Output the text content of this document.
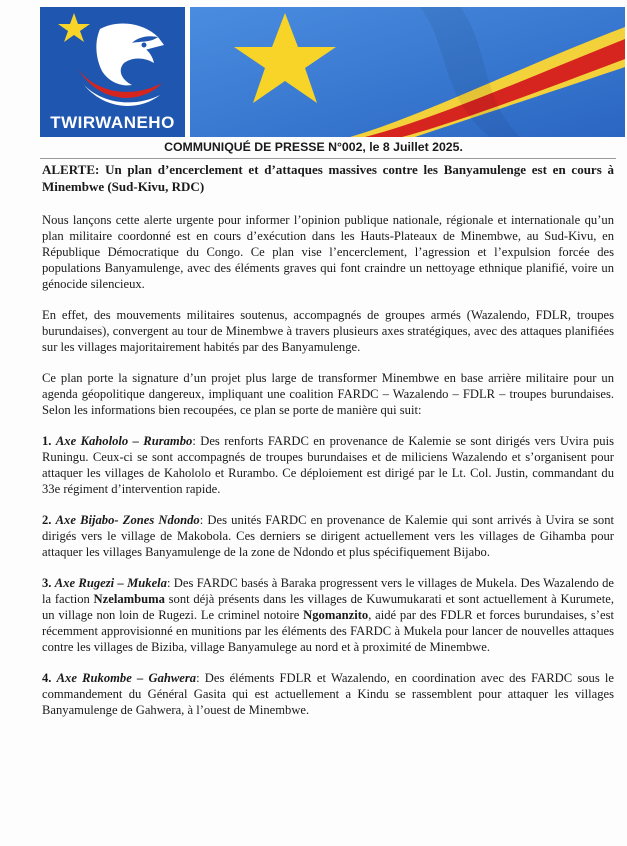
TWIRWANEHO
COMMUNIQUÉ DE PRESSE N°002, le 8 Juillet 2025.

ALERTE: Un plan d’encerclement et d’attaques massives contre les Banyamulenge est en cours à Minembwe (Sud-Kivu, RDC)

Nous lançons cette alerte urgente pour informer l’opinion publique nationale, régionale et internationale qu’un plan militaire coordonné est en cours d’exécution dans les Hauts-Plateaux de Minembwe, au Sud-Kivu, en République Démocratique du Congo. Ce plan vise l’encerclement, l’agression et l’expulsion forcée des populations Banyamulenge, avec des éléments graves qui font craindre un nettoyage ethnique planifié, voire un génocide silencieux.

En effet, des mouvements militaires soutenus, accompagnés de groupes armés (Wazalendo, FDLR, troupes burundaises), convergent au tour de Minembwe à travers plusieurs axes stratégiques, avec des attaques planifiées sur les villages majoritairement habités par des Banyamulenge.

Ce plan porte la signature d’un projet plus large de transformer Minembwe en base arrière militaire pour un agenda géopolitique dangereux, impliquant une coalition FARDC – Wazalendo – FDLR – troupes burundaises. Selon les informations bien recoupées, ce plan se porte de manière qui suit:

1. Axe Kahololo – Rurambo: Des renforts FARDC en provenance de Kalemie se sont dirigés vers Uvira puis Runingu. Ceux-ci se sont accompagnés de troupes burundaises et de miliciens Wazalendo et s’organisent pour attaquer les villages de Kahololo et Rurambo. Ce déploiement est dirigé par le Lt. Col. Justin, commandant du 33e régiment d’intervention rapide.

2. Axe Bijabo- Zones Ndondo: Des unités FARDC en provenance de Kalemie qui sont arrivés à Uvira se sont dirigés vers le village de Makobola. Ces derniers se dirigent actuellement vers les villages de Gihamba pour attaquer les villages Banyamulenge de la zone de Ndondo et plus spécifiquement Bijabo.

3. Axe Rugezi – Mukela: Des FARDC basés à Baraka progressent vers le villages de Mukela. Des Wazalendo de la faction Nzelambuma sont déjà présents dans les villages de Kuwumukarati et sont actuellement à Kurumete, un village non loin de Rugezi. Le criminel notoire Ngomanzito, aidé par des FDLR et forces burundaises, s’est récemment approvisionné en munitions par les éléments des FARDC à Mukela pour lancer de nouvelles attaques contre les villages de Biziba, village Banyamulege au nord et à proximité de Minembwe.

4. Axe Rukombe – Gahwera: Des éléments FDLR et Wazalendo, en coordination avec des FARDC sous le commandement du Général Gasita qui est actuellement a Kindu se rassemblent pour attaquer les villages Banyamulenge de Gahwera, à l’ouest de Minembwe.
